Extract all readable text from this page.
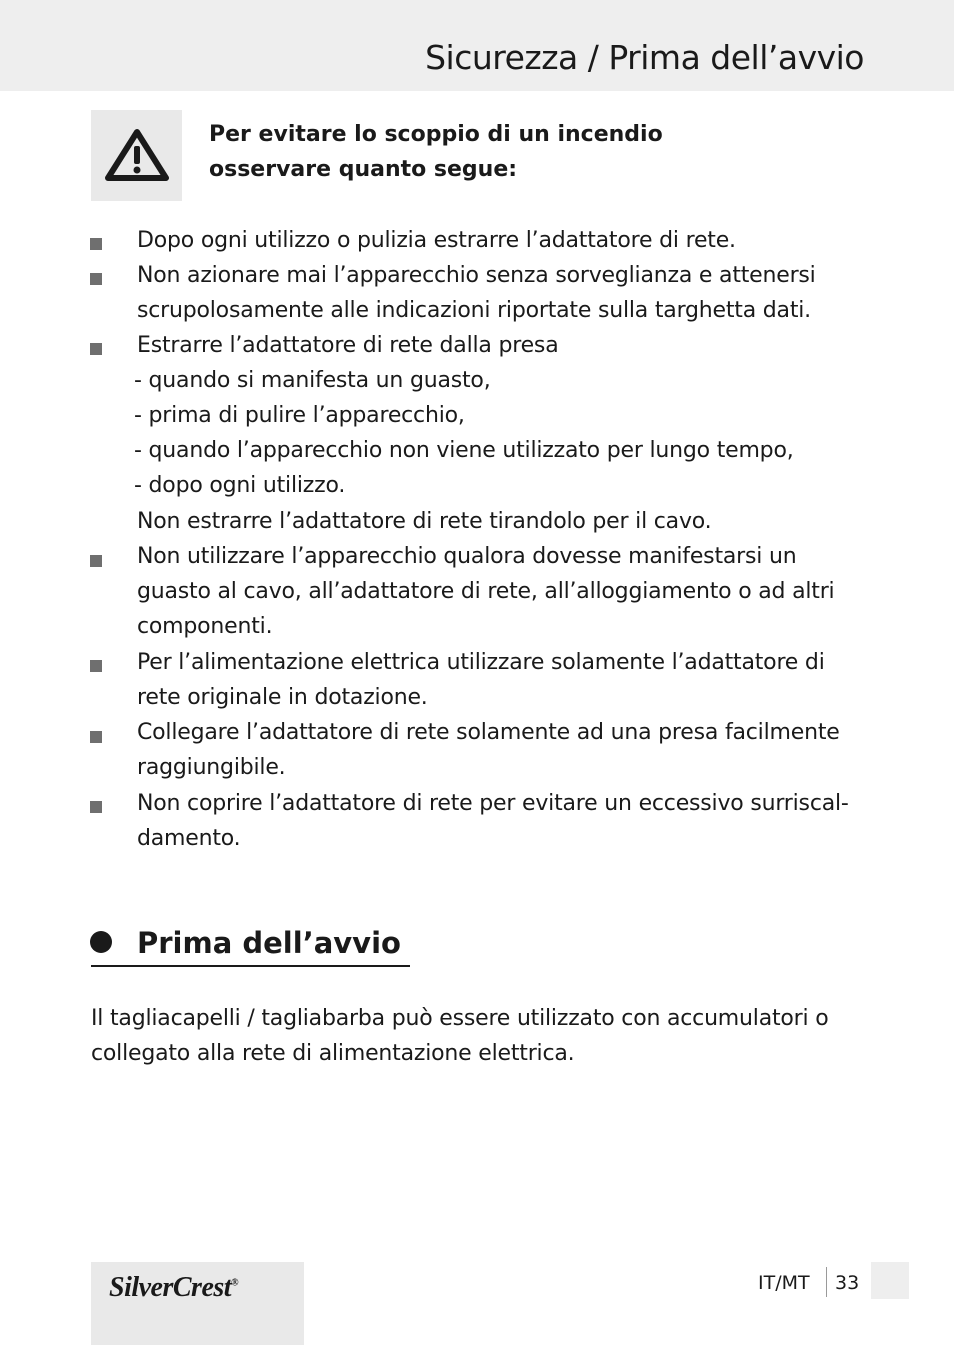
Sicurezza / Prima dell’avvio
Per evitare lo scoppio di un incendio
osservare quanto segue:
Dopo ogni utilizzo o pulizia estrarre l’adattatore di rete.
Non azionare mai l’apparecchio senza sorveglianza e attenersi
scrupolosamente alle indicazioni riportate sulla targhetta dati.
Estrarre l’adattatore di rete dalla presa
- quando si manifesta un guasto,
- prima di pulire l’apparecchio,
- quando l’apparecchio non viene utilizzato per lungo tempo,
- dopo ogni utilizzo.
Non estrarre l’adattatore di rete tirandolo per il cavo.
Non utilizzare l’apparecchio qualora dovesse manifestarsi un
guasto al cavo, all’adattatore di rete, all’alloggiamento o ad altri
componenti.
Per l’alimentazione elettrica utilizzare solamente l’adattatore di
rete originale in dotazione.
Collegare l’adattatore di rete solamente ad una presa facilmente
raggiungibile.
Non coprire l’adattatore di rete per evitare un eccessivo surriscal-
damento.
Prima dell’avvio
Il tagliacapelli / tagliabarba può essere utilizzato con accumulatori o collegato alla rete di alimentazione elettrica.
SilverCrest®	IT/MT 33
